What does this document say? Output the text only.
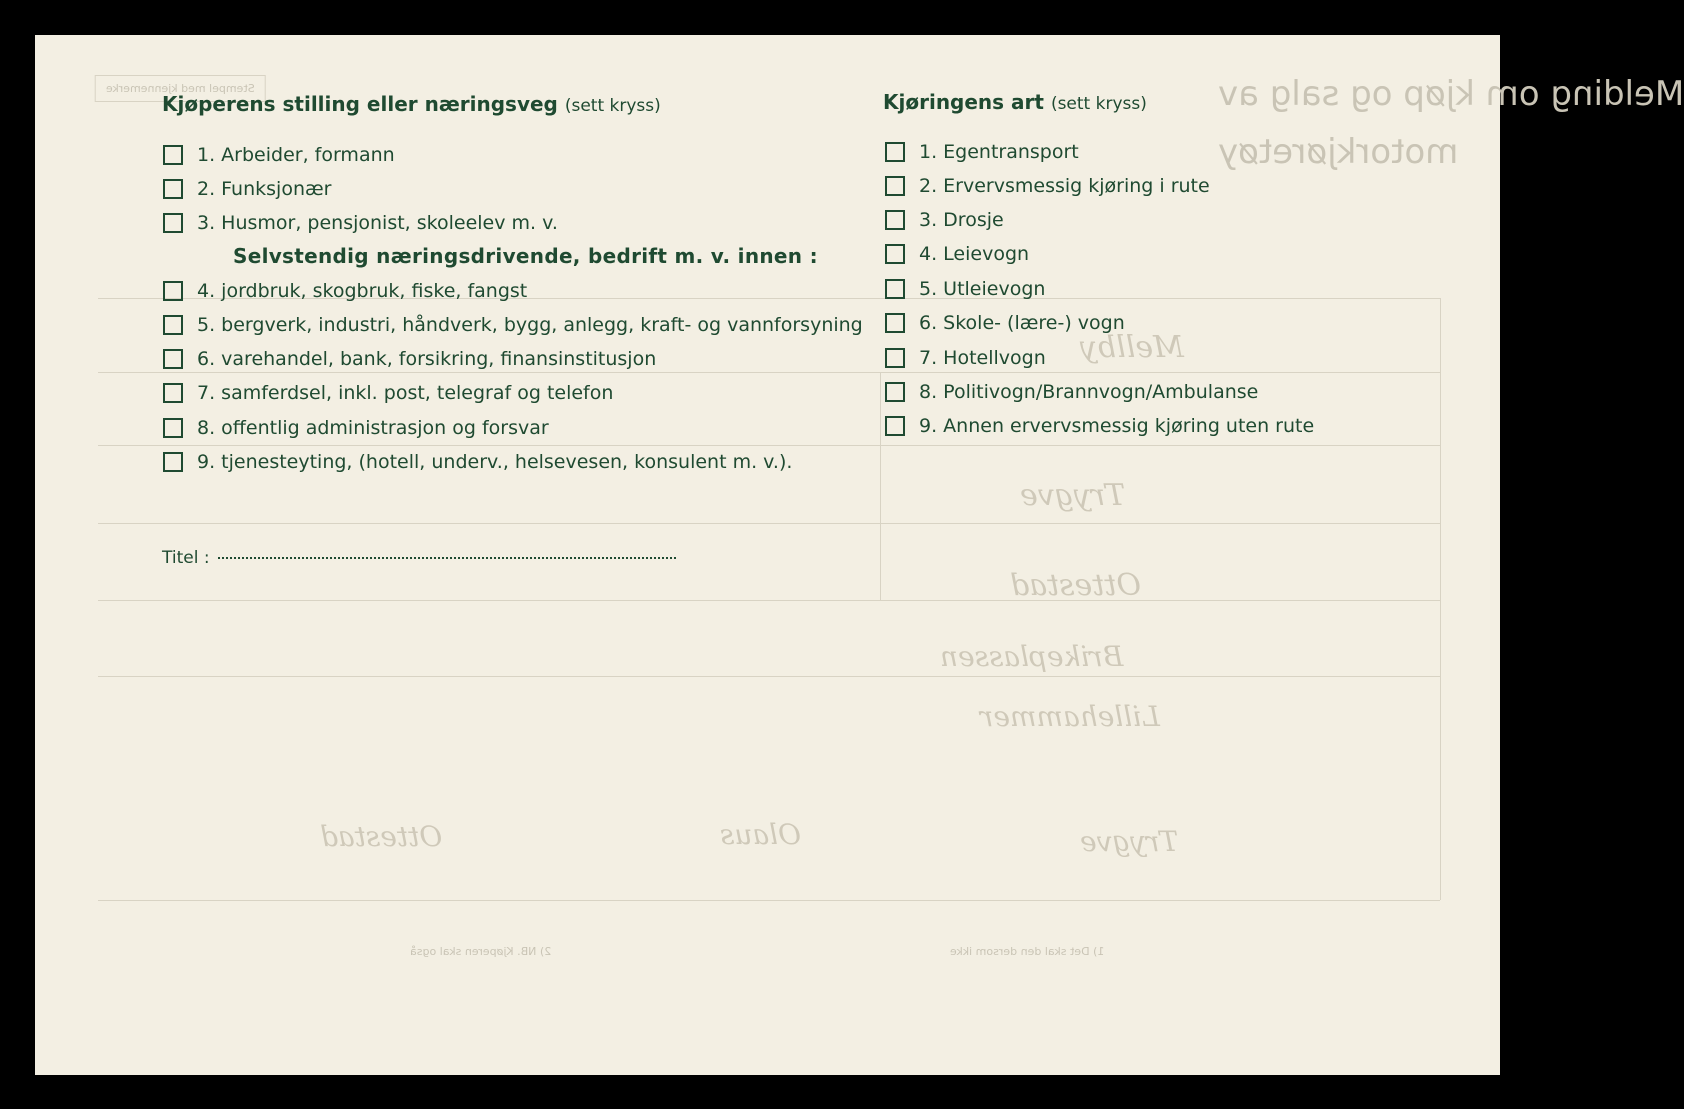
Melding om kjøp og salg av
motorkjøretøy
Stempel med kjennemerke
Mellby
Trygve
Ottestad
Brikeplassen
Lillehammer
Trygve
Olaus
Ottestad
1) Det skal den dersom ikke
2) NB. Kjøperen skal også
Kjøperens stilling eller næringsveg (sett kryss)
1. Arbeider, formann
2. Funksjonær
3. Husmor, pensjonist, skoleelev m. v.
Selvstendig næringsdrivende, bedrift m. v. innen :
4. jordbruk, skogbruk, fiske, fangst
5. bergverk, industri, håndverk, bygg, anlegg, kraft- og vannforsyning
6. varehandel, bank, forsikring, finansinstitusjon
7. samferdsel, inkl. post, telegraf og telefon
8. offentlig administrasjon og forsvar
9. tjenesteyting, (hotell, underv., helsevesen, konsulent m. v.).
Titel :
Kjøringens art (sett kryss)
1. Egentransport
2. Ervervsmessig kjøring i rute
3. Drosje
4. Leievogn
5. Utleievogn
6. Skole- (lære-) vogn
7. Hotellvogn
8. Politivogn/Brannvogn/Ambulanse
9. Annen ervervsmessig kjøring uten rute
